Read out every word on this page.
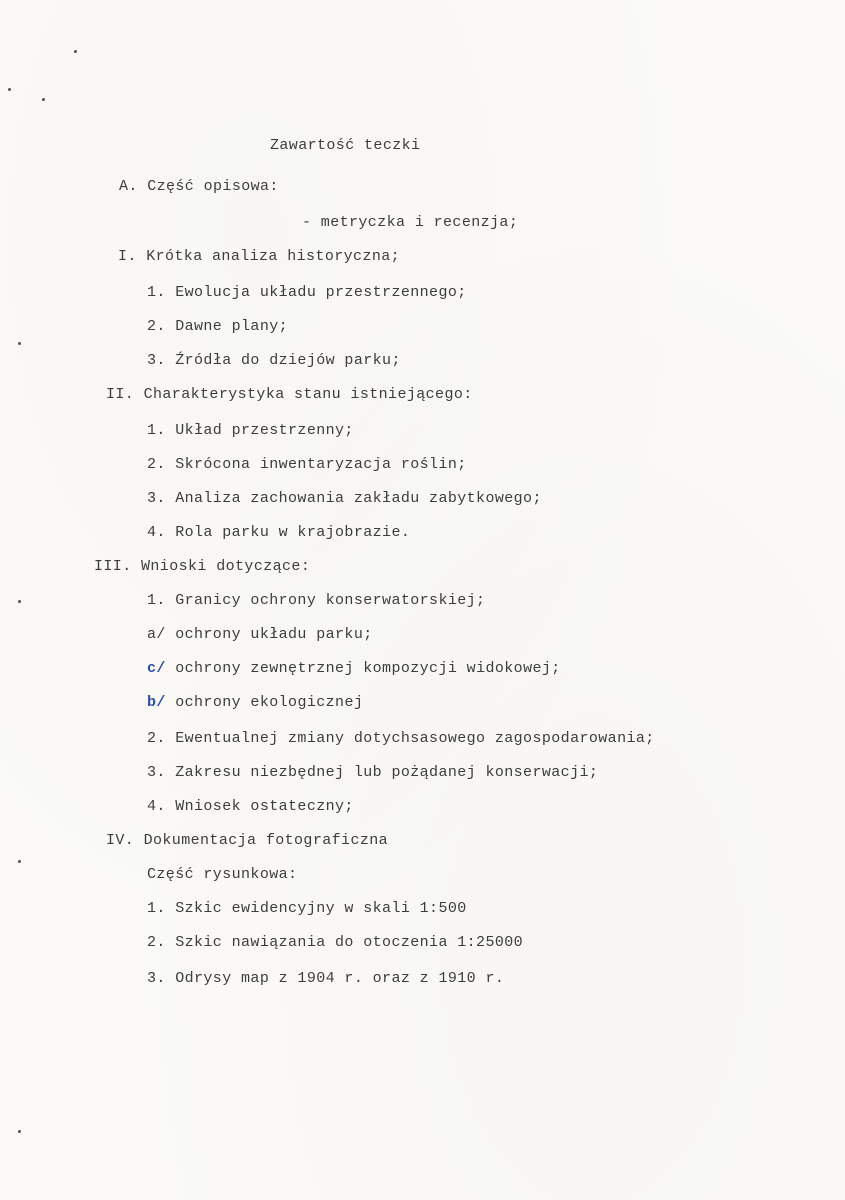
Zawartość teczki
A. Część opisowa:
- metryczka i recenzja;
I. Krótka analiza historyczna;
1. Ewolucja układu przestrzennego;
2. Dawne plany;
3. Źródła do dziejów parku;
II. Charakterystyka stanu istniejącego:
1. Układ przestrzenny;
2. Skrócona inwentaryzacja roślin;
3. Analiza zachowania zakładu zabytkowego;
4. Rola parku w krajobrazie.
III. Wnioski dotyczące:
1. Granicy ochrony konserwatorskiej;
a/ ochrony układu parku;
c/ ochrony zewnętrznej kompozycji widokowej;
b/ ochrony ekologicznej
2. Ewentualnej zmiany dotychsasowego zagospodarowania;
3. Zakresu niezbędnej lub pożądanej konserwacji;
4. Wniosek ostateczny;
IV. Dokumentacja fotograficzna
Część rysunkowa:
1. Szkic ewidencyjny w skali 1:500
2. Szkic nawiązania do otoczenia 1:25000
3. Odrysy map z 1904 r. oraz z 1910 r.
